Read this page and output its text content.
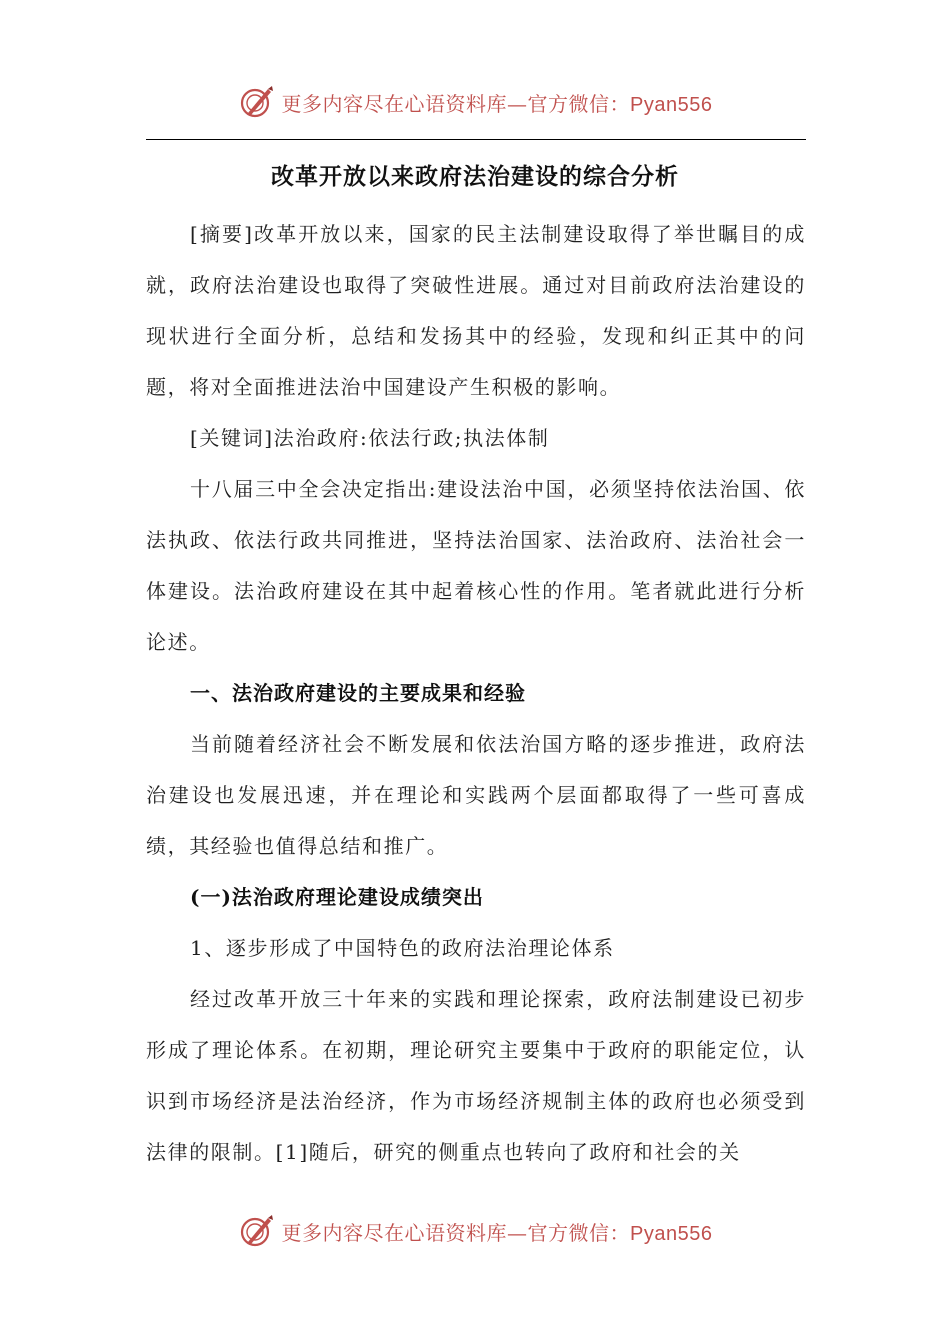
更多内容尽在心语资料库—官方微信：Pyan556
改革开放以来政府法治建设的综合分析

[摘要]改革开放以来，国家的民主法制建设取得了举世瞩目的成就，政府法治建设也取得了突破性进展。通过对目前政府法治建设的现状进行全面分析，总结和发扬其中的经验，发现和纠正其中的问题，将对全面推进法治中国建设产生积极的影响。

[关键词]法治政府:依法行政;执法体制

十八届三中全会决定指出:建设法治中国，必须坚持依法治国、依法执政、依法行政共同推进，坚持法治国家、法治政府、法治社会一体建设。法治政府建设在其中起着核心性的作用。笔者就此进行分析论述。

一、法治政府建设的主要成果和经验

当前随着经济社会不断发展和依法治国方略的逐步推进，政府法治建设也发展迅速，并在理论和实践两个层面都取得了一些可喜成绩，其经验也值得总结和推广。

(一)法治政府理论建设成绩突出

1、逐步形成了中国特色的政府法治理论体系

经过改革开放三十年来的实践和理论探索，政府法制建设已初步形成了理论体系。在初期，理论研究主要集中于政府的职能定位，认识到市场经济是法治经济，作为市场经济规制主体的政府也必须受到法律的限制。[1]随后，研究的侧重点也转向了政府和社会的关

更多内容尽在心语资料库—官方微信：Pyan556
